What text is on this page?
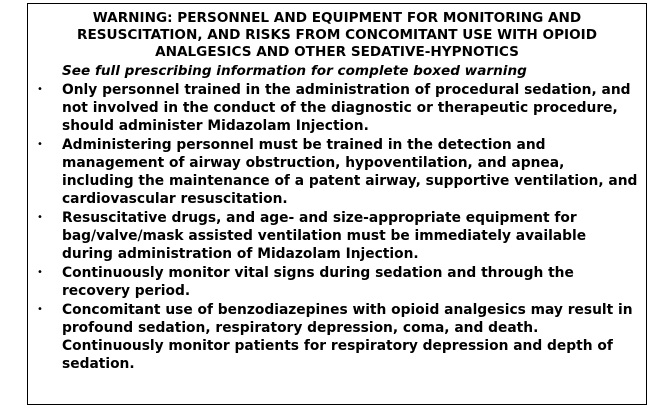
WARNING: PERSONNEL AND EQUIPMENT FOR MONITORING AND RESUSCITATION, AND RISKS FROM CONCOMITANT USE WITH OPIOID ANALGESICS AND OTHER SEDATIVE-HYPNOTICS
See full prescribing information for complete boxed warning
• Only personnel trained in the administration of procedural sedation, and not involved in the conduct of the diagnostic or therapeutic procedure, should administer Midazolam Injection.
• Administering personnel must be trained in the detection and management of airway obstruction, hypoventilation, and apnea, including the maintenance of a patent airway, supportive ventilation, and cardiovascular resuscitation.
• Resuscitative drugs, and age- and size-appropriate equipment for bag/valve/mask assisted ventilation must be immediately available during administration of Midazolam Injection.
• Continuously monitor vital signs during sedation and through the recovery period.
• Concomitant use of benzodiazepines with opioid analgesics may result in profound sedation, respiratory depression, coma, and death. Continuously monitor patients for respiratory depression and depth of sedation.
